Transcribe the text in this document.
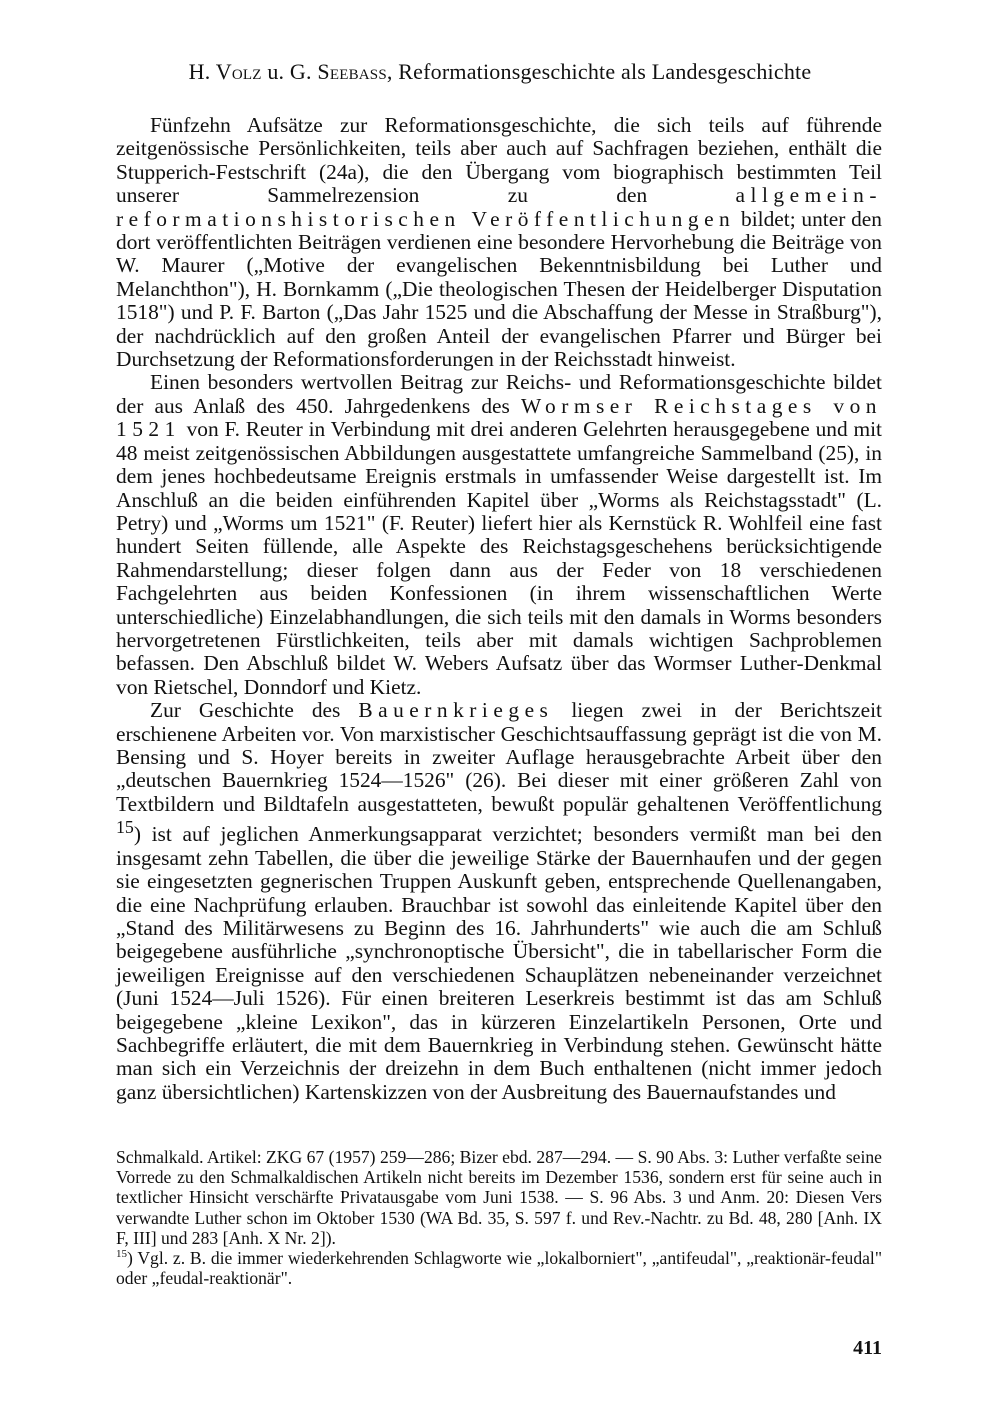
H. Volz u. G. Seebass, Reformationsgeschichte als Landesgeschichte

Fünfzehn Aufsätze zur Reformationsgeschichte, die sich teils auf führende zeitgenössische Persönlichkeiten, teils aber auch auf Sachfragen beziehen, enthält die Stupperich-Festschrift (24a), die den Übergang vom biographisch bestimmten Teil unserer Sammelrezension zu den allgemein-reformationshistorischen Veröffentlichungen bildet; unter den dort veröffentlichten Beiträgen verdienen eine besondere Hervorhebung die Beiträge von W. Maurer („Motive der evangelischen Bekenntnisbildung bei Luther und Melanchthon"), H. Bornkamm („Die theologischen Thesen der Heidelberger Disputation 1518") und P. F. Barton („Das Jahr 1525 und die Abschaffung der Messe in Straßburg"), der nachdrücklich auf den großen Anteil der evangelischen Pfarrer und Bürger bei Durchsetzung der Reformationsforderungen in der Reichsstadt hinweist.

Einen besonders wertvollen Beitrag zur Reichs- und Reformationsgeschichte bildet der aus Anlaß des 450. Jahrgedenkens des Wormser Reichstages von 1521 von F. Reuter in Verbindung mit drei anderen Gelehrten herausgegebene und mit 48 meist zeitgenössischen Abbildungen ausgestattete umfangreiche Sammelband (25), in dem jenes hochbedeutsame Ereignis erstmals in umfassender Weise dargestellt ist. Im Anschluß an die beiden einführenden Kapitel über „Worms als Reichstagsstadt" (L. Petry) und „Worms um 1521" (F. Reuter) liefert hier als Kernstück R. Wohlfeil eine fast hundert Seiten füllende, alle Aspekte des Reichstagsgeschehens berücksichtigende Rahmendarstellung; dieser folgen dann aus der Feder von 18 verschiedenen Fachgelehrten aus beiden Konfessionen (in ihrem wissenschaftlichen Werte unterschiedliche) Einzelabhandlungen, die sich teils mit den damals in Worms besonders hervorgetretenen Fürstlichkeiten, teils aber mit damals wichtigen Sachproblemen befassen. Den Abschluß bildet W. Webers Aufsatz über das Wormser Luther-Denkmal von Rietschel, Donndorf und Kietz.

Zur Geschichte des Bauernkrieges liegen zwei in der Berichtszeit erschienene Arbeiten vor. Von marxistischer Geschichtsauffassung geprägt ist die von M. Bensing und S. Hoyer bereits in zweiter Auflage herausgebrachte Arbeit über den „deutschen Bauernkrieg 1524—1526" (26). Bei dieser mit einer größeren Zahl von Textbildern und Bildtafeln ausgestatteten, bewußt populär gehaltenen Veröffentlichung $^{15}$) ist auf jeglichen Anmerkungsapparat verzichtet; besonders vermißt man bei den insgesamt zehn Tabellen, die über die jeweilige Stärke der Bauernhaufen und der gegen sie eingesetzten gegnerischen Truppen Auskunft geben, entsprechende Quellenangaben, die eine Nachprüfung erlauben. Brauchbar ist sowohl das einleitende Kapitel über den „Stand des Militärwesens zu Beginn des 16. Jahrhunderts" wie auch die am Schluß beigegebene ausführliche „synchronoptische Übersicht", die in tabellarischer Form die jeweiligen Ereignisse auf den verschiedenen Schauplätzen nebeneinander verzeichnet (Juni 1524—Juli 1526). Für einen breiteren Leserkreis bestimmt ist das am Schluß beigegebene „kleine Lexikon", das in kürzeren Einzelartikeln Personen, Orte und Sachbegriffe erläutert, die mit dem Bauernkrieg in Verbindung stehen. Gewünscht hätte man sich ein Verzeichnis der dreizehn in dem Buch enthaltenen (nicht immer jedoch ganz übersichtlichen) Kartenskizzen von der Ausbreitung des Bauernaufstandes und

Schmalkald. Artikel: ZKG 67 (1957) 259—286; Bizer ebd. 287—294. — S. 90 Abs. 3: Luther verfaßte seine Vorrede zu den Schmalkaldischen Artikeln nicht bereits im Dezember 1536, sondern erst für seine auch in textlicher Hinsicht verschärfte Privatausgabe vom Juni 1538. — S. 96 Abs. 3 und Anm. 20: Diesen Vers verwandte Luther schon im Oktober 1530 (WA Bd. 35, S. 597 f. und Rev.-Nachtr. zu Bd. 48, 280 [Anh. IX F, III] und 283 [Anh. X Nr. 2]).

$^{15}$) Vgl. z. B. die immer wiederkehrenden Schlagworte wie „lokalborniert", „antifeudal", „reaktionär-feudal" oder „feudal-reaktionär".

411
